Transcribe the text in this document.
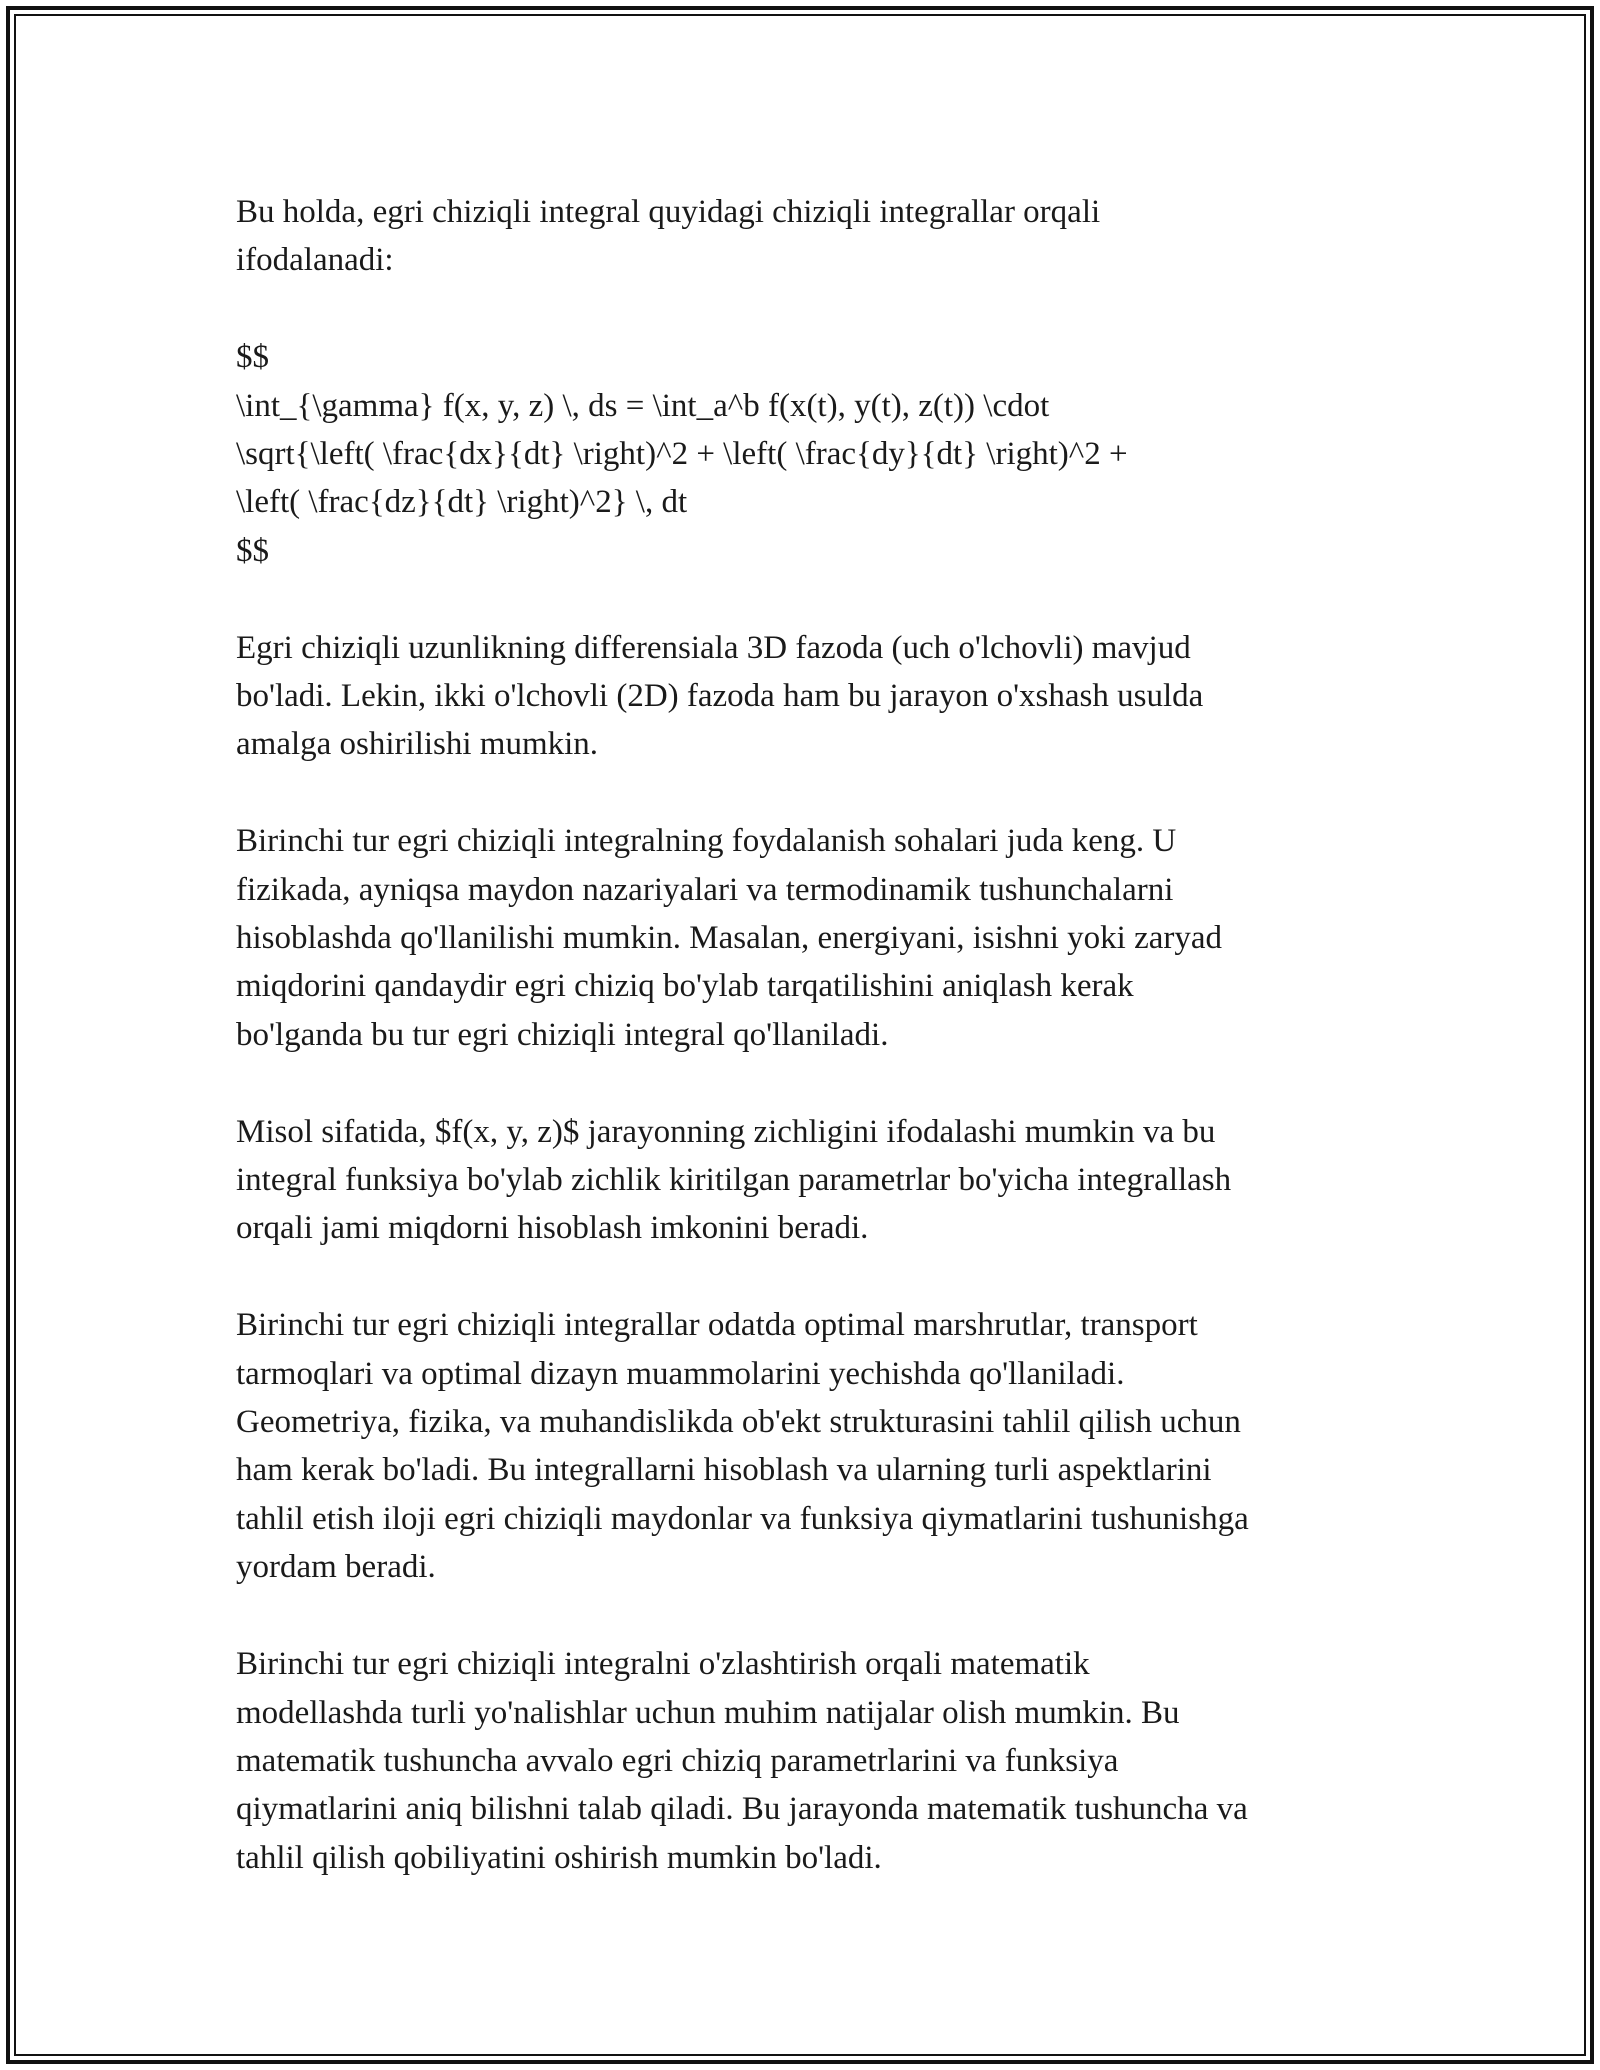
Bu holda, egri chiziqli integral quyidagi chiziqli integrallar orqali
ifodalanadi:
$$
\int_{\gamma} f(x, y, z) \, ds = \int_a^b f(x(t), y(t), z(t)) \cdot
\sqrt{\left( \frac{dx}{dt} \right)^2 + \left( \frac{dy}{dt} \right)^2 +
\left( \frac{dz}{dt} \right)^2} \, dt
$$
Egri chiziqli uzunlikning differensiala 3D fazoda (uch o'lchovli) mavjud
bo'ladi. Lekin, ikki o'lchovli (2D) fazoda ham bu jarayon o'xshash usulda
amalga oshirilishi mumkin.
Birinchi tur egri chiziqli integralning foydalanish sohalari juda keng. U
fizikada, ayniqsa maydon nazariyalari va termodinamik tushunchalarni
hisoblashda qo'llanilishi mumkin. Masalan, energiyani, isishni yoki zaryad
miqdorini qandaydir egri chiziq bo'ylab tarqatilishini aniqlash kerak
bo'lganda bu tur egri chiziqli integral qo'llaniladi.
Misol sifatida, $f(x, y, z)$ jarayonning zichligini ifodalashi mumkin va bu
integral funksiya bo'ylab zichlik kiritilgan parametrlar bo'yicha integrallash
orqali jami miqdorni hisoblash imkonini beradi.
Birinchi tur egri chiziqli integrallar odatda optimal marshrutlar, transport
tarmoqlari va optimal dizayn muammolarini yechishda qo'llaniladi.
Geometriya, fizika, va muhandislikda ob'ekt strukturasini tahlil qilish uchun
ham kerak bo'ladi. Bu integrallarni hisoblash va ularning turli aspektlarini
tahlil etish iloji egri chiziqli maydonlar va funksiya qiymatlarini tushunishga
yordam beradi.
Birinchi tur egri chiziqli integralni o'zlashtirish orqali matematik
modellashda turli yo'nalishlar uchun muhim natijalar olish mumkin. Bu
matematik tushuncha avvalo egri chiziq parametrlarini va funksiya
qiymatlarini aniq bilishni talab qiladi. Bu jarayonda matematik tushuncha va
tahlil qilish qobiliyatini oshirish mumkin bo'ladi.
